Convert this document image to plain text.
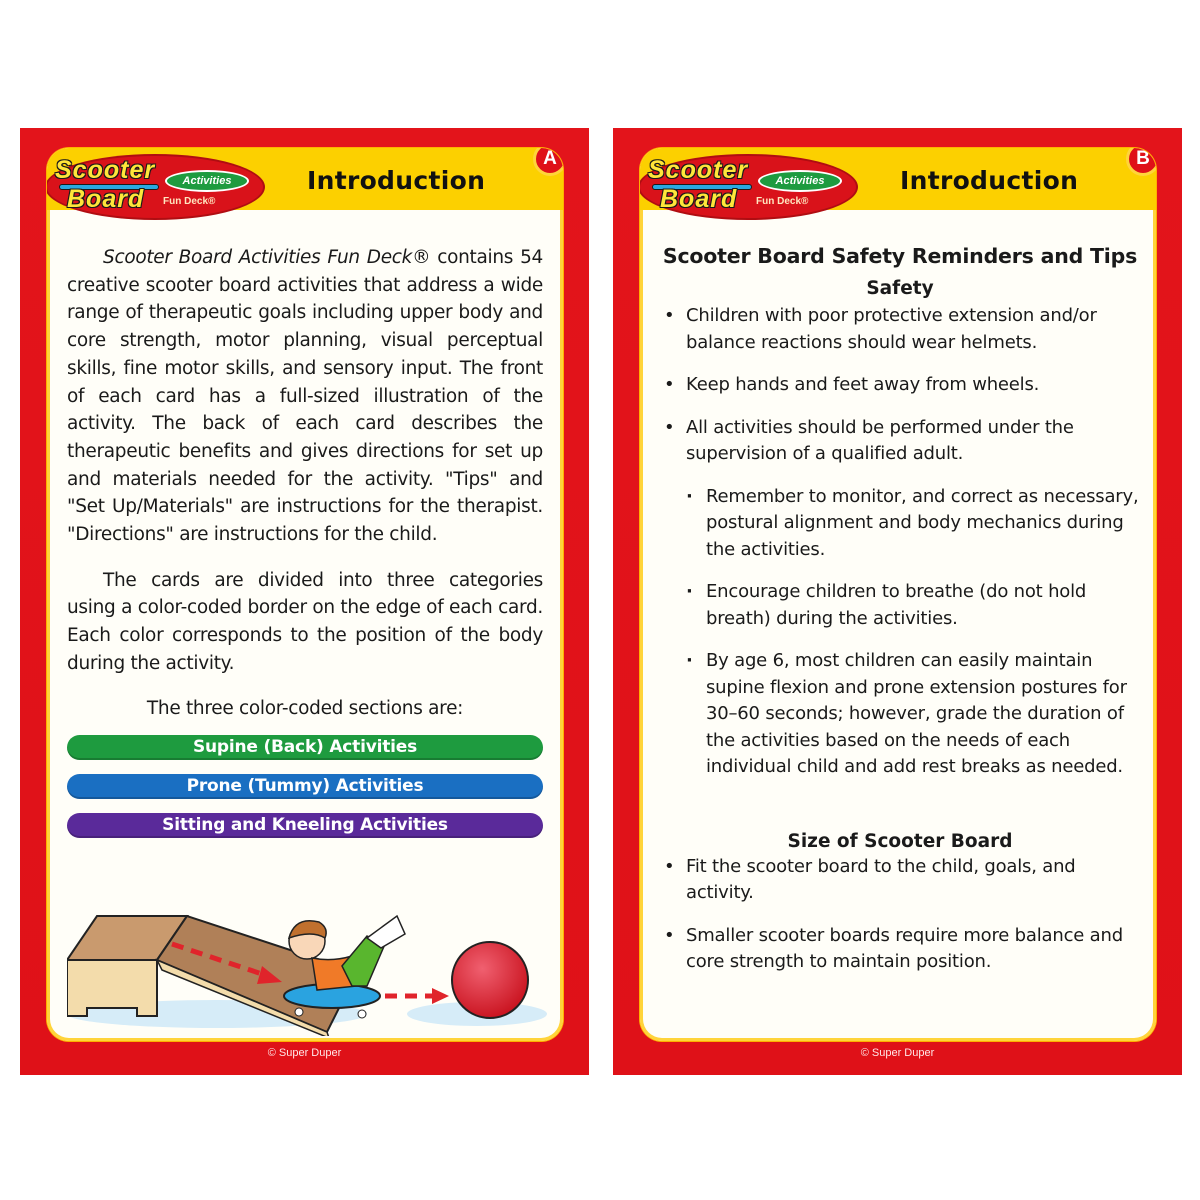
Scooter
Board
Activities
Fun Deck®
Introduction
A

Scooter Board Activities Fun Deck® contains 54 creative scooter board activities that address a wide range of therapeutic goals including upper body and core strength, motor planning, visual perceptual skills, fine motor skills, and sensory input. The front of each card has a full-sized illustration of the activity. The back of each card describes the therapeutic benefits and gives directions for set up and materials needed for the activity. "Tips" and "Set Up/Materials" are instructions for the therapist. "Directions" are instructions for the child.

The cards are divided into three categories using a color-coded border on the edge of each card. Each color corresponds to the position of the body during the activity.

The three color-coded sections are:

Supine (Back) Activities
Prone (Tummy) Activities
Sitting and Kneeling Activities
© Super Duper
Scooter
Board
Activities
Fun Deck®
Introduction
B
Scooter Board Safety Reminders and Tips
Safety
• Children with poor protective extension and/or balance reactions should wear helmets.
• Keep hands and feet away from wheels.
• All activities should be performed under the supervision of a qualified adult.
· Remember to monitor, and correct as necessary, postural alignment and body mechanics during the activities.
· Encourage children to breathe (do not hold breath) during the activities.
· By age 6, most children can easily maintain supine flexion and prone extension postures for 30–60 seconds; however, grade the duration of the activities based on the needs of each individual child and add rest breaks as needed.
Size of Scooter Board
• Fit the scooter board to the child, goals, and activity.
• Smaller scooter boards require more balance and core strength to maintain position.
© Super Duper
